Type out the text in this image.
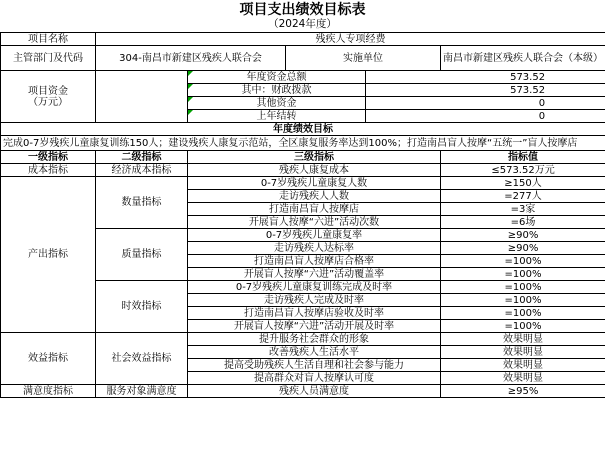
项目支出绩效目标表
（2024年度）
项目名称	残疾人专项经费				
主管部门及代码	304-南昌市新建区残疾人联合会		实施单位		南昌市新建区残疾人联合会（本级）
项目资金
（万元）		年度资金总额		573.52	

其中：财政拨款		573.52	

其他资金		0	

上年结转		0	
年度绩效目标					
完成0-7岁残疾儿童康复训练150人；建设残疾人康复示范站，全区康复服务率达到100%；打造南昌盲人按摩“五统一”盲人按摩店					
一级指标	二级指标	三级指标			指标值
成本指标	经济成本指标	残疾人康复成本			≤573.52万元
产出指标	数量指标	0-7岁残疾儿童康复人数			≥150人
		走访残疾人人数			=277人
		打造南昌盲人按摩店			=3家
		开展盲人按摩“六进”活动次数			=6场
	质量指标	0-7岁残疾儿童康复率			≥90%
		走访残疾人达标率			≥90%
		打造南昌盲人按摩店合格率			=100%
		开展盲人按摩“六进”活动覆盖率			=100%
	时效指标	0-7岁残疾儿童康复训练完成及时率			=100%
		走访残疾人完成及时率			=100%
		打造南昌盲人按摩店验收及时率			=100%
		开展盲人按摩“六进”活动开展及时率			=100%
效益指标	社会效益指标	提升服务社会群众的形象			效果明显
		改善残疾人生活水平			效果明显
		提高受助残疾人生活自理和社会参与能力			效果明显
		提高群众对盲人按摩认可度			效果明显
满意度指标	服务对象满意度	残疾人员满意度			≥95%
